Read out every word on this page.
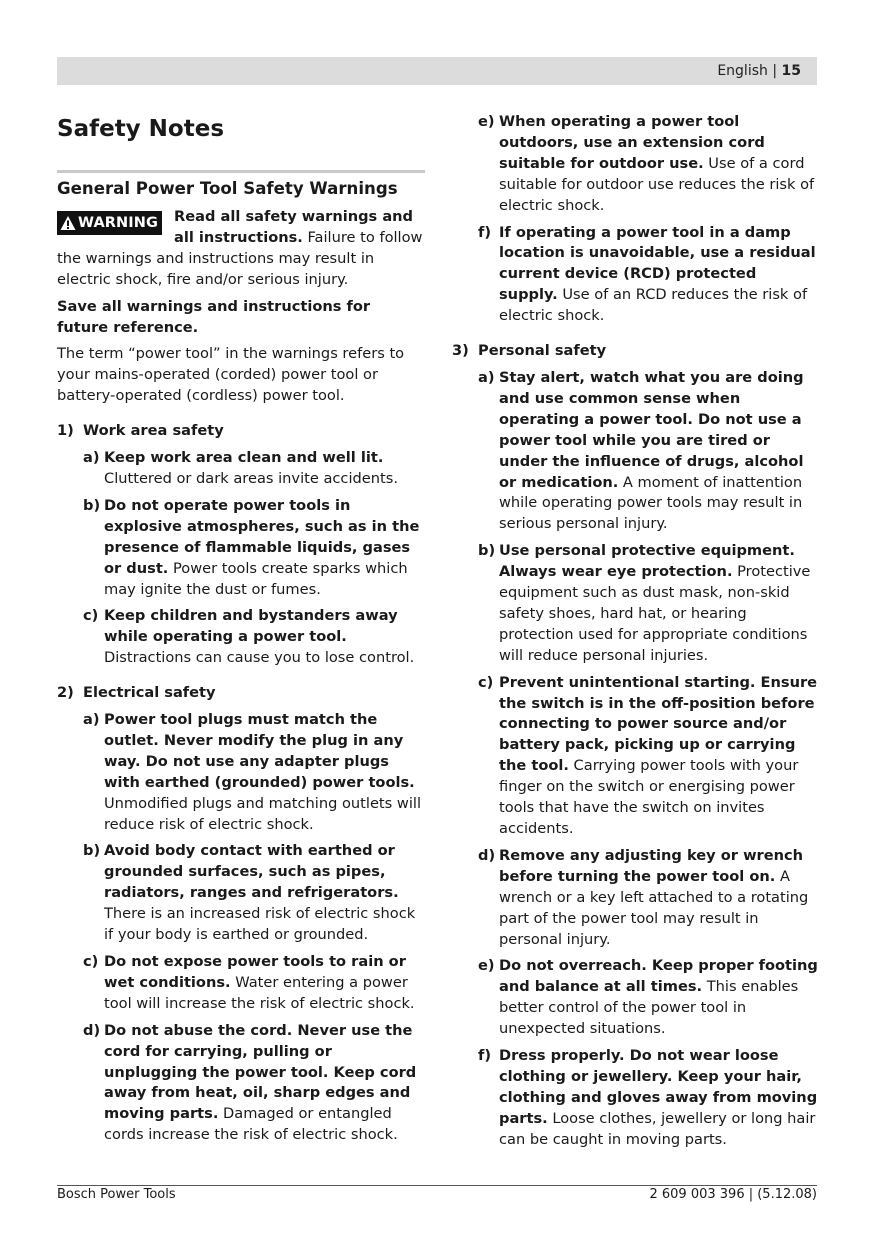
English | 15
Safety Notes
General Power Tool Safety Warnings
WARNING	Read all safety warnings and all instructions. Failure to follow the warnings and instructions may result in electric shock, fire and/or serious injury.

Save all warnings and instructions for future reference.

The term “power tool” in the warnings refers to your mains-operated (corded) power tool or battery-operated (cordless) power tool.

1) Work area safety
a) Keep work area clean and well lit. Cluttered or dark areas invite accidents.
b) Do not operate power tools in explosive atmospheres, such as in the presence of flammable liquids, gases or dust. Power tools create sparks which may ignite the dust or fumes.
c) Keep children and bystanders away while operating a power tool. Distractions can cause you to lose control.
2) Electrical safety
a) Power tool plugs must match the outlet. Never modify the plug in any way. Do not use any adapter plugs with earthed (grounded) power tools. Unmodified plugs and matching outlets will reduce risk of electric shock.
b) Avoid body contact with earthed or grounded surfaces, such as pipes, radiators, ranges and refrigerators. There is an increased risk of electric shock if your body is earthed or grounded.
c) Do not expose power tools to rain or wet conditions. Water entering a power tool will increase the risk of electric shock.
d) Do not abuse the cord. Never use the cord for carrying, pulling or unplugging the power tool. Keep cord away from heat, oil, sharp edges and moving parts. Damaged or entangled cords increase the risk of electric shock.
e) When operating a power tool outdoors, use an extension cord suitable for outdoor use. Use of a cord suitable for outdoor use reduces the risk of electric shock.
f) If operating a power tool in a damp location is unavoidable, use a residual current device (RCD) protected supply. Use of an RCD reduces the risk of electric shock.
3) Personal safety
a) Stay alert, watch what you are doing and use common sense when operating a power tool. Do not use a power tool while you are tired or under the influence of drugs, alcohol or medication. A moment of inattention while operating power tools may result in serious personal injury.
b) Use personal protective equipment. Always wear eye protection. Protective equipment such as dust mask, non-skid safety shoes, hard hat, or hearing protection used for appropriate conditions will reduce personal injuries.
c) Prevent unintentional starting. Ensure the switch is in the off-position before connecting to power source and/or battery pack, picking up or carrying the tool. Carrying power tools with your finger on the switch or energising power tools that have the switch on invites accidents.
d) Remove any adjusting key or wrench before turning the power tool on. A wrench or a key left attached to a rotating part of the power tool may result in personal injury.
e) Do not overreach. Keep proper footing and balance at all times. This enables better control of the power tool in unexpected situations.
f) Dress properly. Do not wear loose clothing or jewellery. Keep your hair, clothing and gloves away from moving parts. Loose clothes, jewellery or long hair can be caught in moving parts.
Bosch Power Tools	2 609 003 396 | (5.12.08)
